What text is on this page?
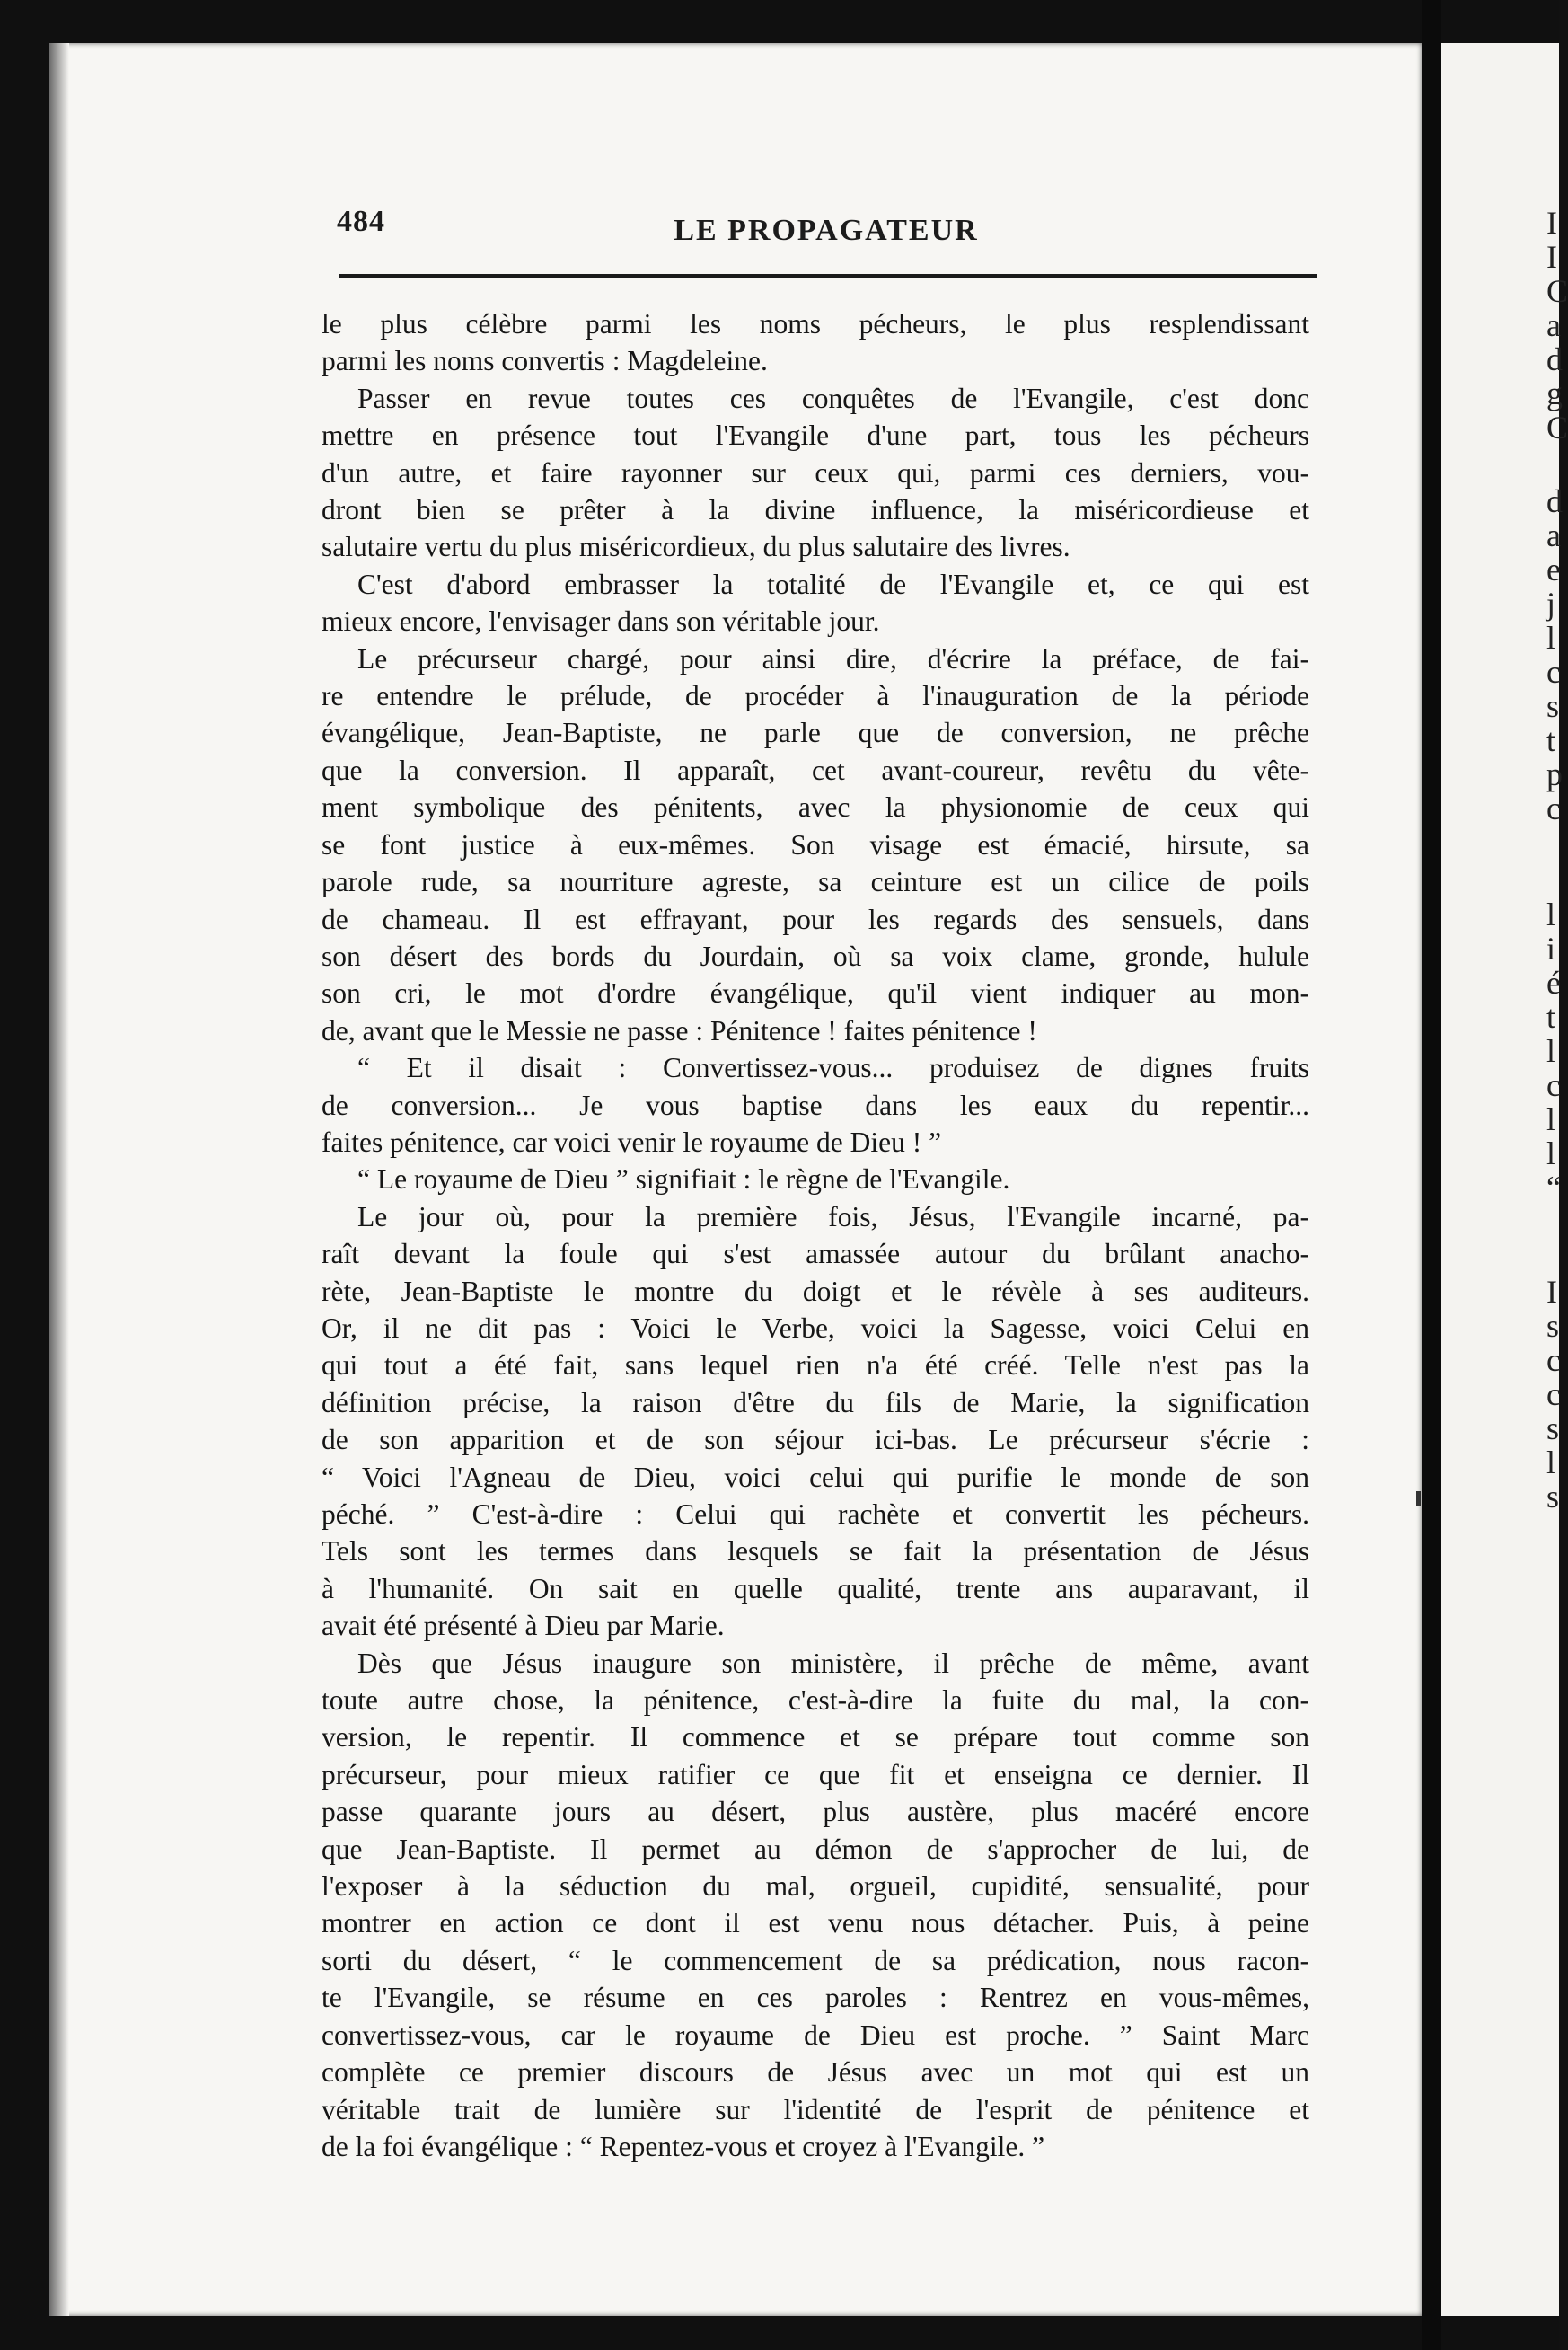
484	LE PROPAGATEUR
le plus célèbre parmi les noms pécheurs, le plus resplendissant
parmi les noms convertis : Magdeleine.
Passer en revue toutes ces conquêtes de l'Evangile, c'est donc
mettre en présence tout l'Evangile d'une part, tous les pécheurs
d'un autre, et faire rayonner sur ceux qui, parmi ces derniers, vou-
dront bien se prêter à la divine influence, la miséricordieuse et
salutaire vertu du plus miséricordieux, du plus salutaire des livres.
C'est d'abord embrasser la totalité de l'Evangile et, ce qui est
mieux encore, l'envisager dans son véritable jour.
Le précurseur chargé, pour ainsi dire, d'écrire la préface, de fai-
re entendre le prélude, de procéder à l'inauguration de la période
évangélique, Jean-Baptiste, ne parle que de conversion, ne prêche
que la conversion. Il apparaît, cet avant-coureur, revêtu du vête-
ment symbolique des pénitents, avec la physionomie de ceux qui
se font justice à eux-mêmes. Son visage est émacié, hirsute, sa
parole rude, sa nourriture agreste, sa ceinture est un cilice de poils
de chameau. Il est effrayant, pour les regards des sensuels, dans
son désert des bords du Jourdain, où sa voix clame, gronde, hulule
son cri, le mot d'ordre évangélique, qu'il vient indiquer au mon-
de, avant que le Messie ne passe : Pénitence ! faites pénitence !
“ Et il disait : Convertissez-vous... produisez de dignes fruits
de conversion... Je vous baptise dans les eaux du repentir...
faites pénitence, car voici venir le royaume de Dieu ! ”
“ Le royaume de Dieu ” signifiait : le règne de l'Evangile.
Le jour où, pour la première fois, Jésus, l'Evangile incarné, pa-
raît devant la foule qui s'est amassée autour du brûlant anacho-
rète, Jean-Baptiste le montre du doigt et le révèle à ses auditeurs.
Or, il ne dit pas : Voici le Verbe, voici la Sagesse, voici Celui en
qui tout a été fait, sans lequel rien n'a été créé. Telle n'est pas la
définition précise, la raison d'être du fils de Marie, la signification
de son apparition et de son séjour ici-bas. Le précurseur s'écrie :
“ Voici l'Agneau de Dieu, voici celui qui purifie le monde de son
péché. ” C'est-à-dire : Celui qui rachète et convertit les pécheurs.
Tels sont les termes dans lesquels se fait la présentation de Jésus
à l'humanité. On sait en quelle qualité, trente ans auparavant, il
avait été présenté à Dieu par Marie.
Dès que Jésus inaugure son ministère, il prêche de même, avant
toute autre chose, la pénitence, c'est-à-dire la fuite du mal, la con-
version, le repentir. Il commence et se prépare tout comme son
précurseur, pour mieux ratifier ce que fit et enseigna ce dernier. Il
passe quarante jours au désert, plus austère, plus macéré encore
que Jean-Baptiste. Il permet au démon de s'approcher de lui, de
l'exposer à la séduction du mal, orgueil, cupidité, sensualité, pour
montrer en action ce dont il est venu nous détacher. Puis, à peine
sorti du désert, “ le commencement de sa prédication, nous racon-
te l'Evangile, se résume en ces paroles : Rentrez en vous-mêmes,
convertissez-vous, car le royaume de Dieu est proche. ” Saint Marc
complète ce premier discours de Jésus avec un mot qui est un
véritable trait de lumière sur l'identité de l'esprit de pénitence et
de la foi évangélique : “ Repentez-vous et croyez à l'Evangile. ”
I
I
C
a
d
g
C
d
a
e
j
l
c
s
t
p
c
l
i
é
t
l
c
l
l
“
I
s
c
c
s
l
s
